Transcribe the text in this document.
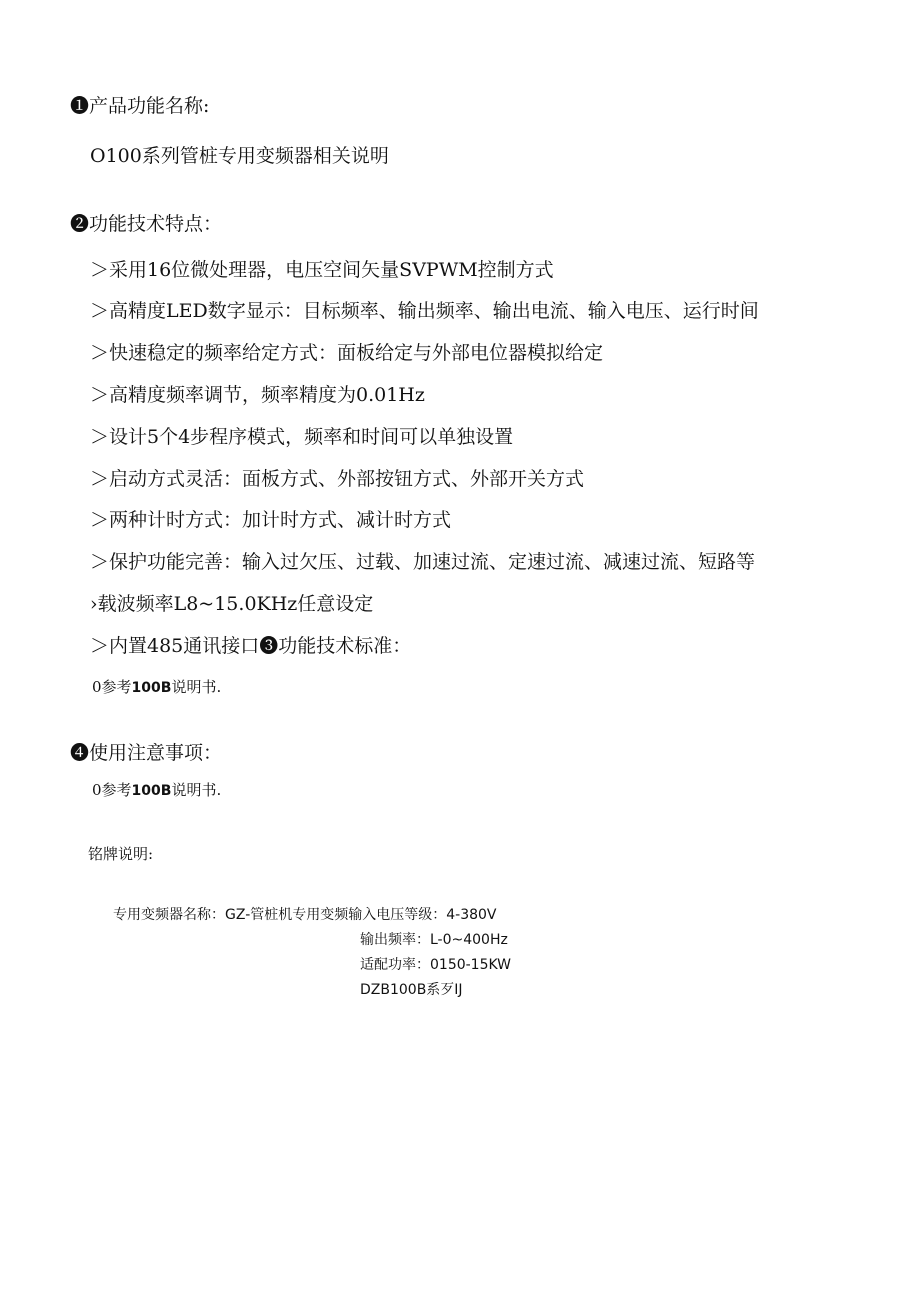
❶产品功能名称:
O100系列管桩专用变频器相关说明
❷功能技术特点：
＞采用16位微处理器，电压空间矢量SVPWM控制方式
＞高精度LED数字显示：目标频率、输出频率、输出电流、输入电压、运行时间
＞快速稳定的频率给定方式：面板给定与外部电位器模拟给定
＞高精度频率调节，频率精度为0.01Hz
＞设计5个4步程序模式，频率和时间可以单独设置
＞启动方式灵活：面板方式、外部按钮方式、外部开关方式
＞两种计时方式：加计时方式、减计时方式
＞保护功能完善：输入过欠压、过载、加速过流、定速过流、减速过流、短路等
›载波频率L8~15.0KHz任意设定
＞内置485通讯接口❸功能技术标准：
0参考100B说明书.
❹使用注意事项：
0参考100B说明书.
铭牌说明:
专用变频器名称：GZ-管桩机专用变频输入电压等级：4-380V
输出频率：L-0~400Hz
适配功率：0150-15KW
DZB100B系歹IJ
